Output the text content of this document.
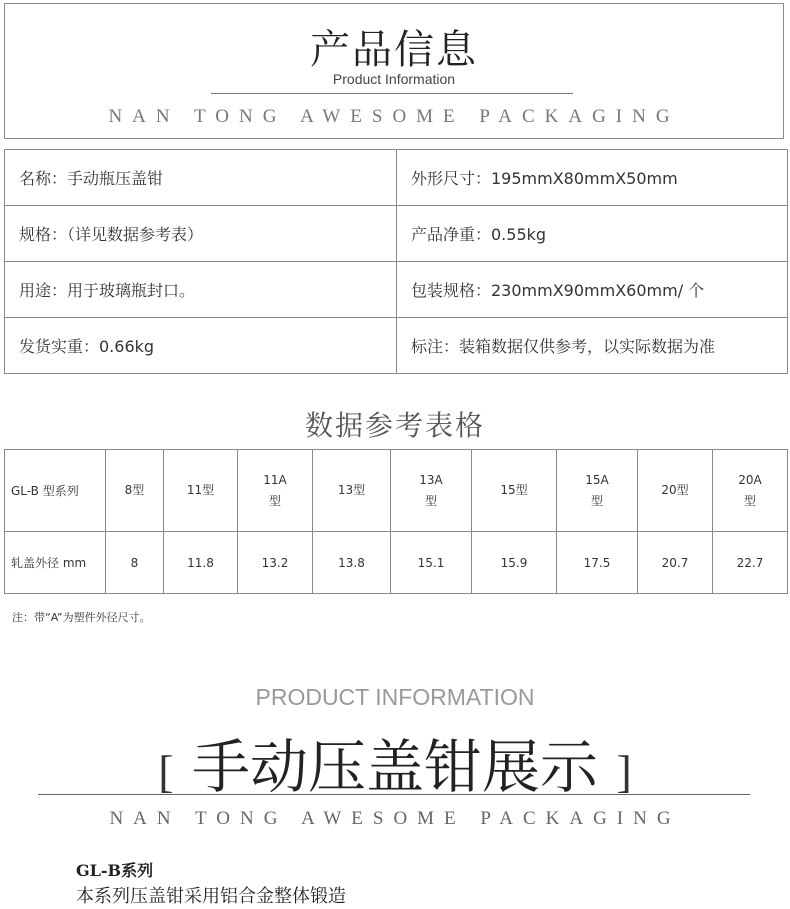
产品信息
Product Information
NAN TONG AWESOME PACKAGING
名称：手动瓶压盖钳	外形尺寸：195mmX80mmX50mm
规格：（详见数据参考表）	产品净重：0.55kg
用途：用于玻璃瓶封口。	包装规格：230mmX90mmX60mm/ 个
发货实重：0.66kg	标注：装箱数据仅供参考，以实际数据为准
数据参考表格
GL-B 型系列	8型	11型	11A型	13型	13A型	15型	15A型	20型	20A型
轧盖外径 mm	8	11.8	13.2	13.8	15.1	15.9	17.5	20.7	22.7
注：带“A”为塑件外径尺寸。
PRODUCT INFORMATION
[ 手动压盖钳展示 ]
NAN TONG AWESOME PACKAGING
GL-B系列
本系列压盖钳采用铝合金整体锻造
